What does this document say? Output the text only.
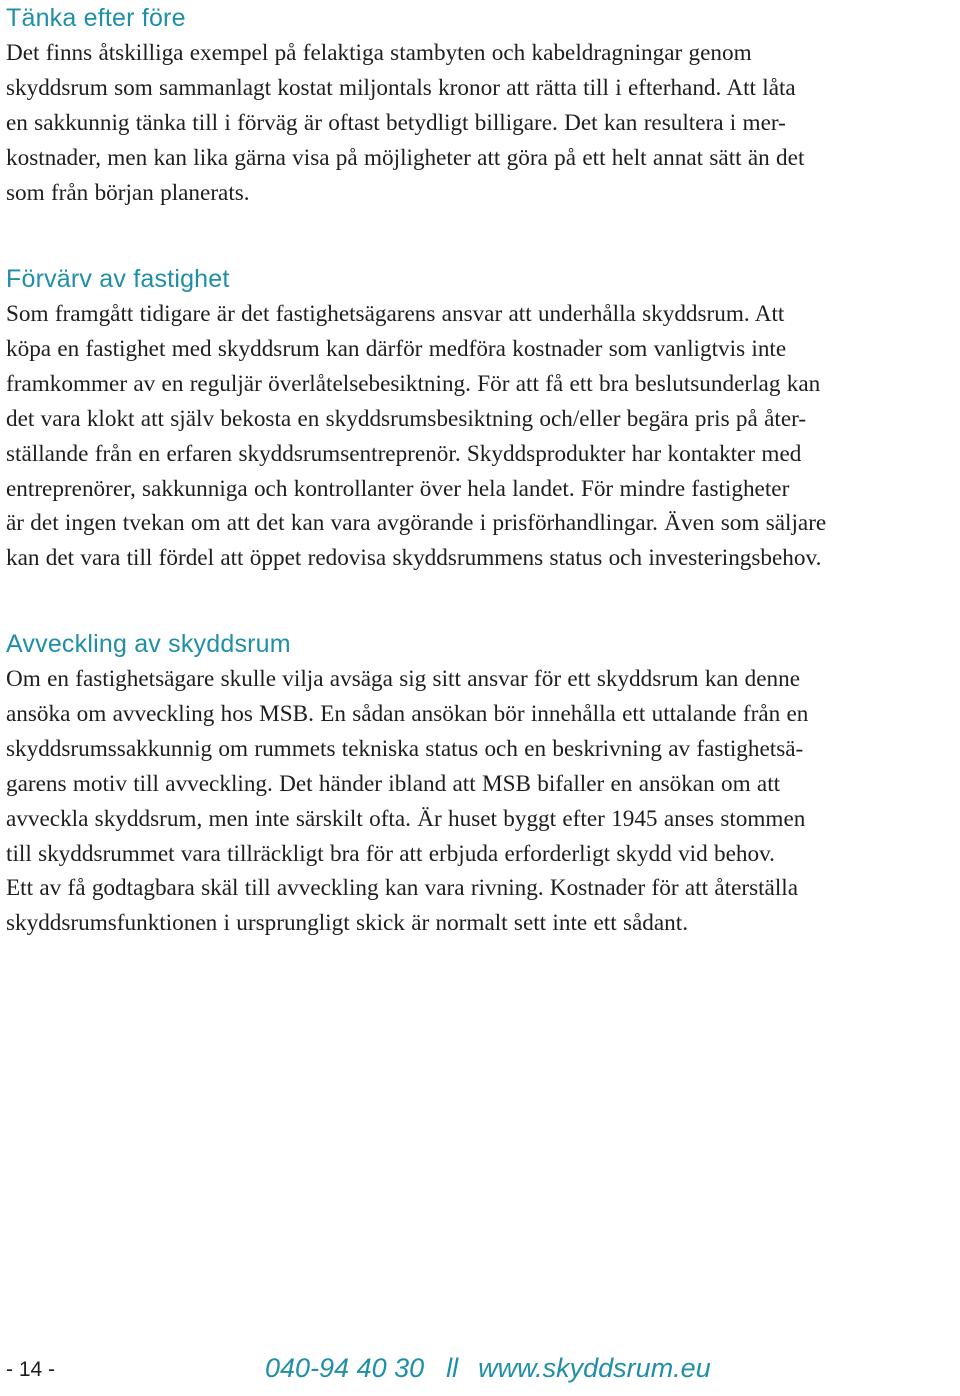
Tänka efter före

Det finns åtskilliga exempel på felaktiga stambyten och kabeldragningar genom
skyddsrum som sammanlagt kostat miljontals kronor att rätta till i efterhand. Att låta
en sakkunnig tänka till i förväg är oftast betydligt billigare. Det kan resultera i mer-
kostnader, men kan lika gärna visa på möjligheter att göra på ett helt annat sätt än det
som från början planerats.

Förvärv av fastighet

Som framgått tidigare är det fastighetsägarens ansvar att underhålla skyddsrum. Att
köpa en fastighet med skyddsrum kan därför medföra kostnader som vanligtvis inte
framkommer av en reguljär överlåtelsebesiktning. För att få ett bra beslutsunderlag kan
det vara klokt att själv bekosta en skyddsrumsbesiktning och/eller begära pris på åter-
ställande från en erfaren skyddsrumsentreprenör. Skyddsprodukter har kontakter med
entreprenörer, sakkunniga och kontrollanter över hela landet. För mindre fastigheter
är det ingen tvekan om att det kan vara avgörande i prisförhandlingar. Även som säljare
kan det vara till fördel att öppet redovisa skyddsrummens status och investeringsbehov.

Avveckling av skyddsrum

Om en fastighetsägare skulle vilja avsäga sig sitt ansvar för ett skyddsrum kan denne
ansöka om avveckling hos MSB. En sådan ansökan bör innehålla ett uttalande från en
skyddsrumssakkunnig om rummets tekniska status och en beskrivning av fastighetsä-
garens motiv till avveckling. Det händer ibland att MSB bifaller en ansökan om att
avveckla skyddsrum, men inte särskilt ofta. Är huset byggt efter 1945 anses stommen
till skyddsrummet vara tillräckligt bra för att erbjuda erforderligt skydd vid behov.
Ett av få godtagbara skäl till avveckling kan vara rivning. Kostnader för att återställa
skyddsrumsfunktionen i ursprungligt skick är normalt sett inte ett sådant.

- 14 -	040-94 40 30 ll www.skyddsrum.eu
